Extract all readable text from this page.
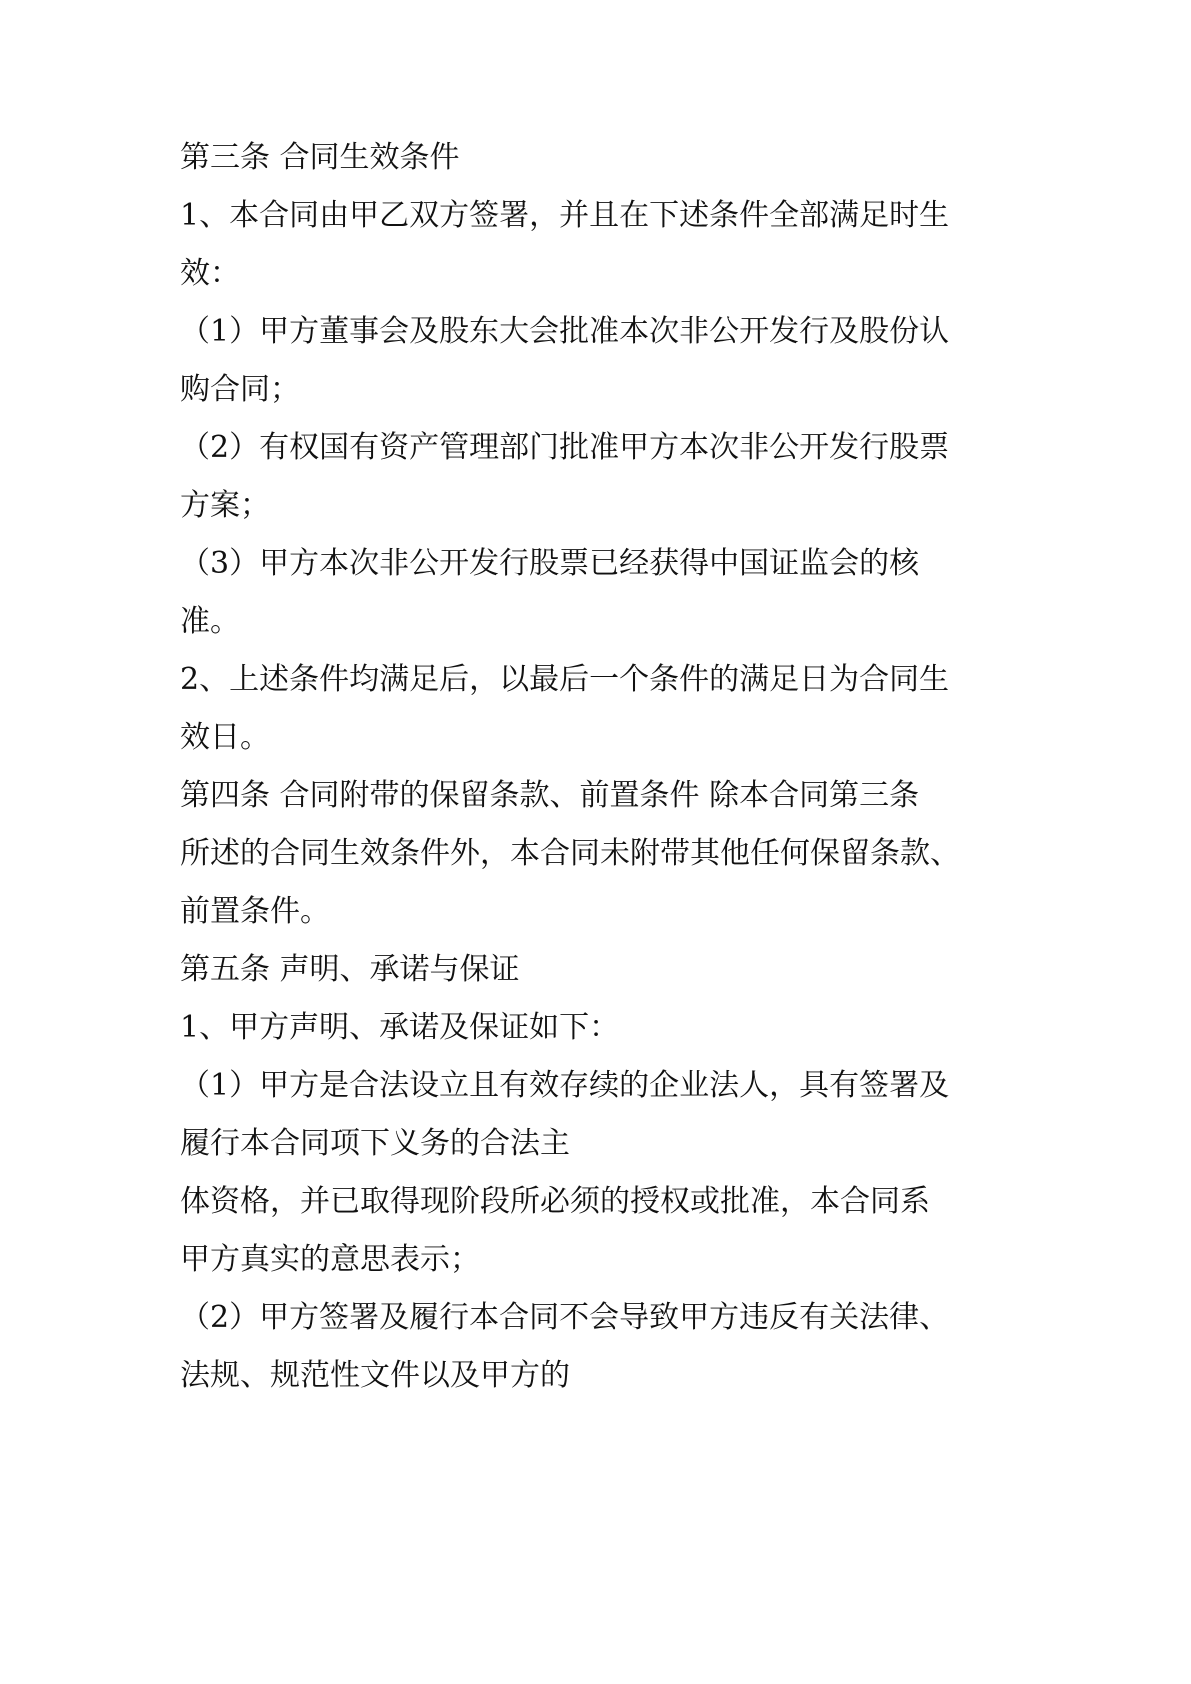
第三条 合同生效条件

1、本合同由甲乙双方签署，并且在下述条件全部满足时生

效：

（1）甲方董事会及股东大会批准本次非公开发行及股份认

购合同；

（2）有权国有资产管理部门批准甲方本次非公开发行股票

方案；

（3）甲方本次非公开发行股票已经获得中国证监会的核

准。

2、上述条件均满足后，以最后一个条件的满足日为合同生

效日。

第四条 合同附带的保留条款、前置条件 除本合同第三条

所述的合同生效条件外，本合同未附带其他任何保留条款、

前置条件。

第五条 声明、承诺与保证

1、甲方声明、承诺及保证如下：

（1）甲方是合法设立且有效存续的企业法人，具有签署及

履行本合同项下义务的合法主

体资格，并已取得现阶段所必须的授权或批准，本合同系

甲方真实的意思表示；

（2）甲方签署及履行本合同不会导致甲方违反有关法律、

法规、规范性文件以及甲方的
